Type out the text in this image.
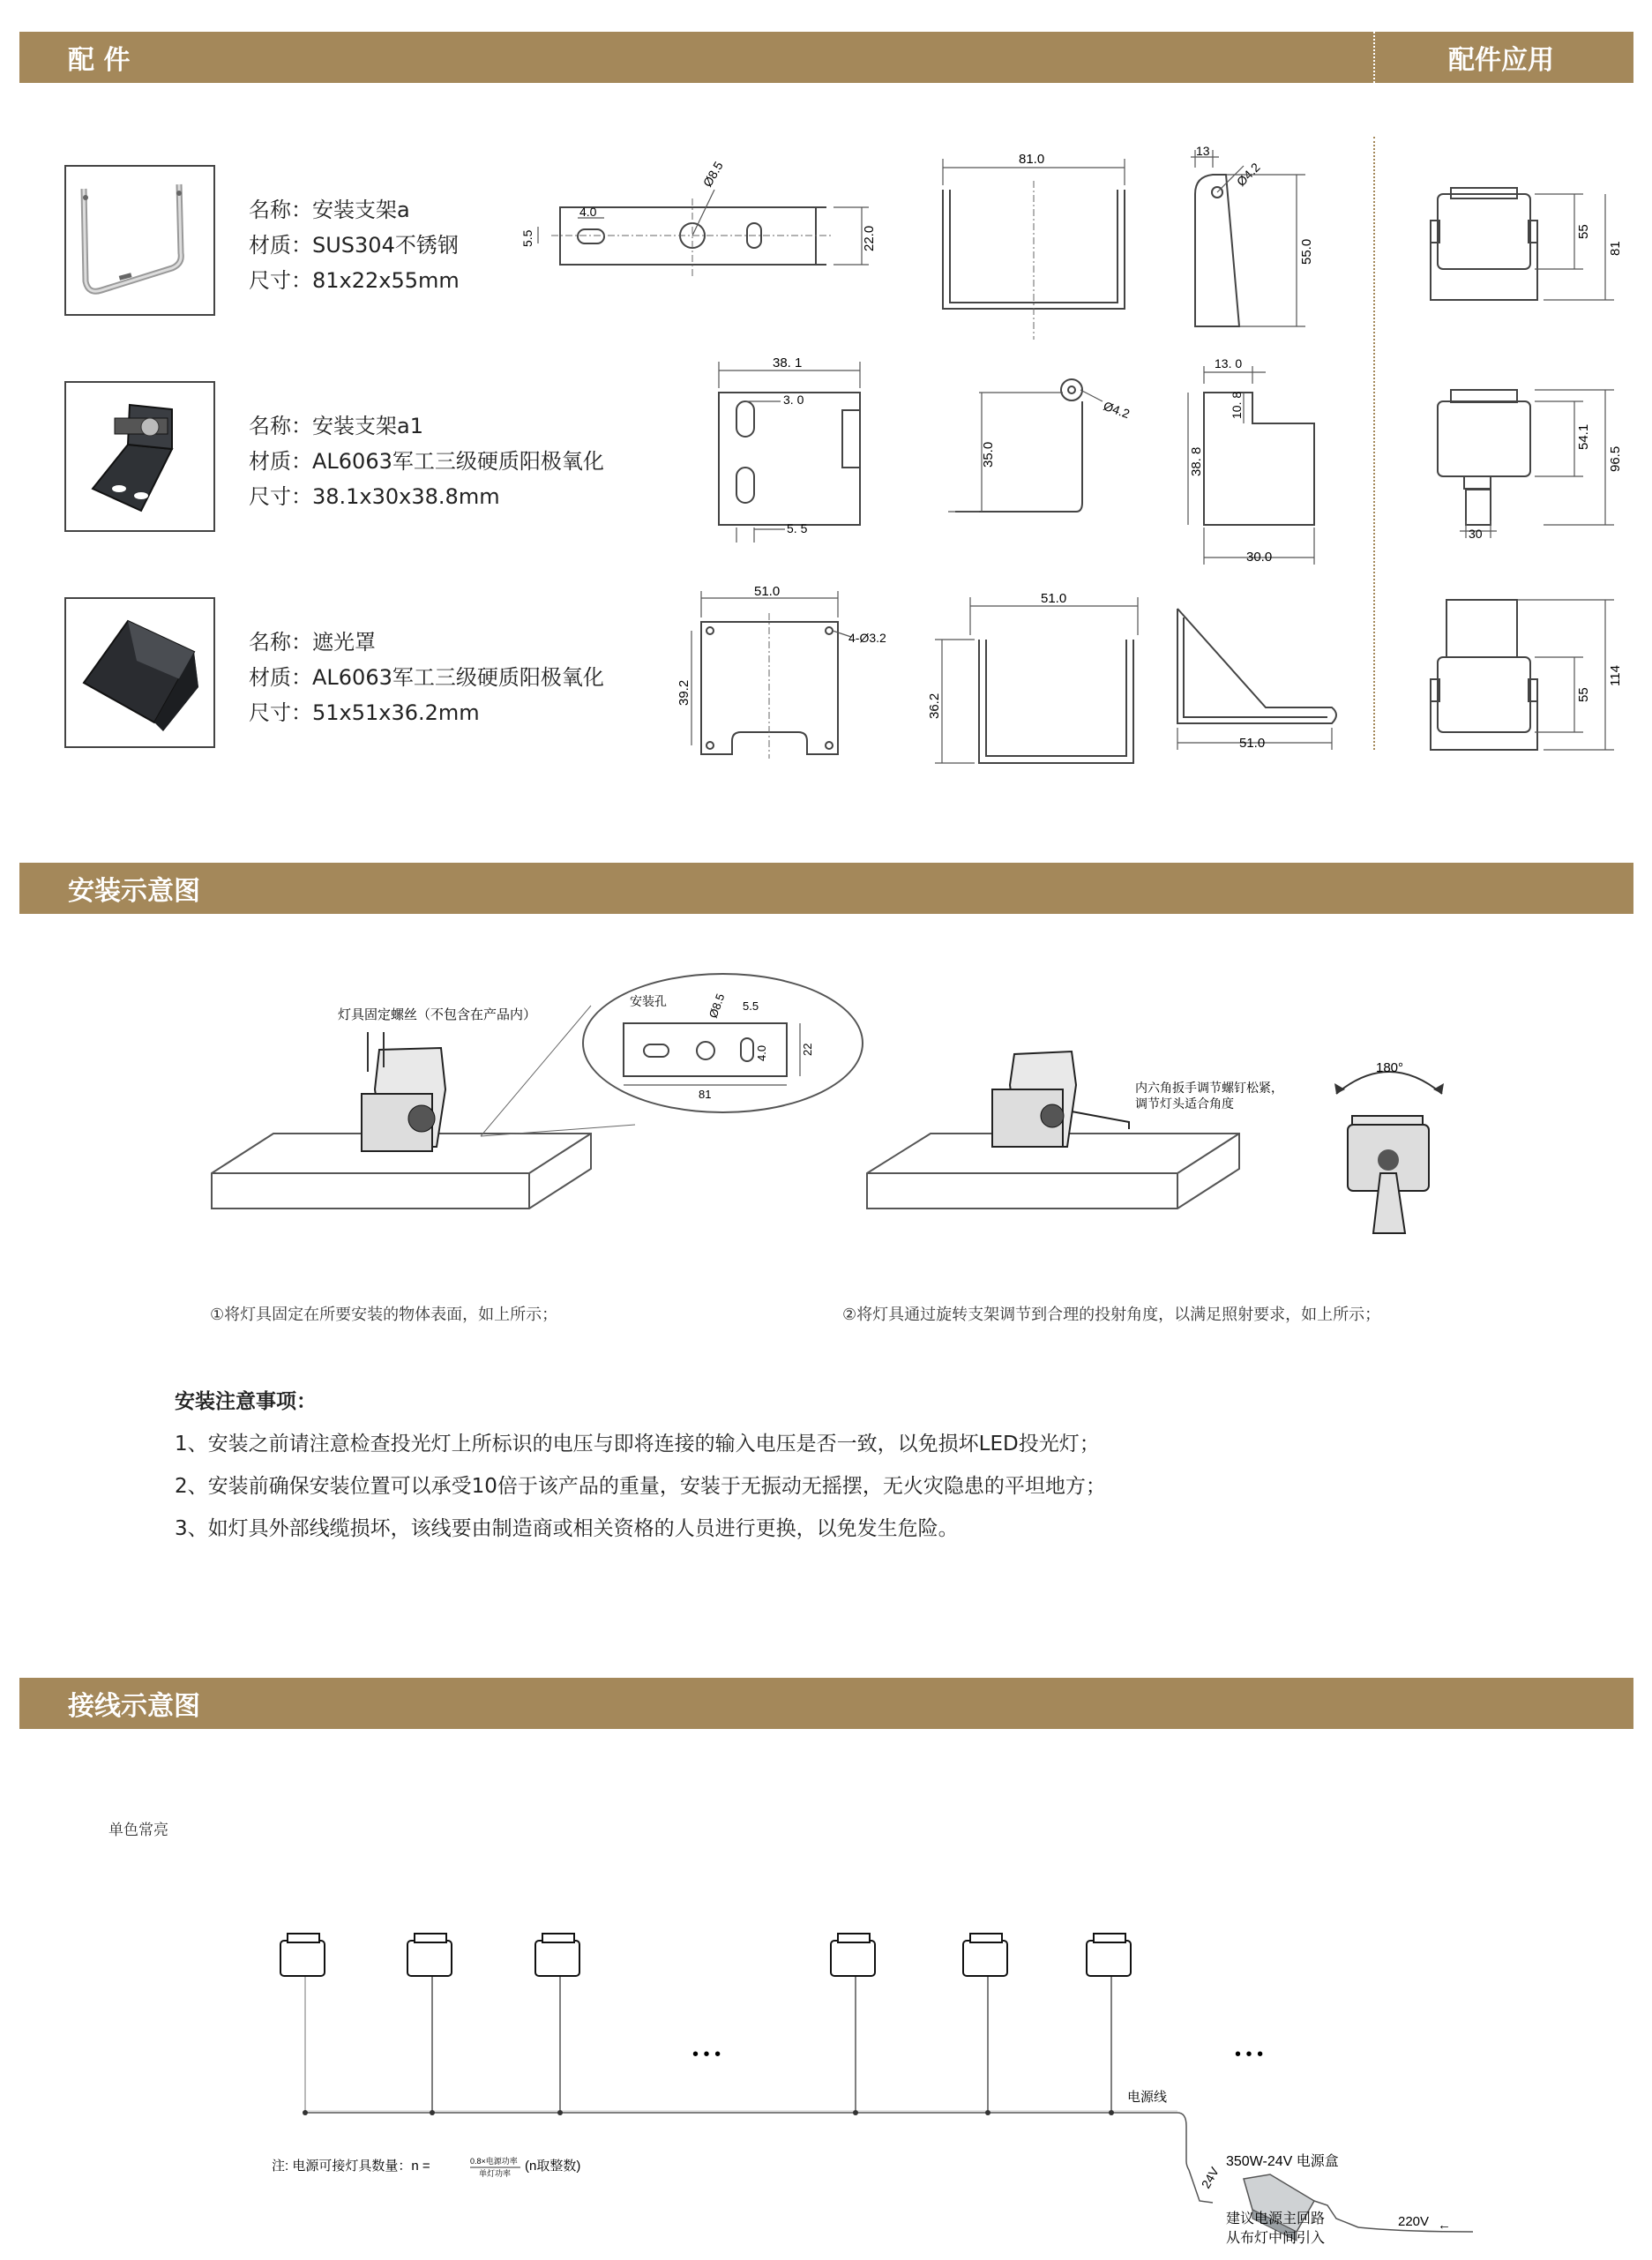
配 件	配件应用
名称：安装支架a
材质：SUS304不锈钢
尺寸：81x22x55mm
22.0
5.5
4.0
Ø8.5	81.0
13
Ø4.2
55.0
55
81
名称：安装支架a1
材质：AL6063军工三级硬质阳极氧化
尺寸：38.1x30x38.8mm
38. 1
3. 0
5. 5
Ø4.2
35.0
13. 0
10. 8
38. 8
30.0
54.1
96.5
30
名称：遮光罩
材质：AL6063军工三级硬质阳极氧化
尺寸：51x51x36.2mm
51.0
4-Ø3.2
39.2
51.0
36.2
51.0
55
114
安装示意图
灯具固定螺丝（不包含在产品内）
安装孔	Ø8.5 5.5
4.0	22
81	内六角扳手调节螺钉松紧，
调节灯头适合角度
180°
①将灯具固定在所要安装的物体表面，如上所示；	②将灯具通过旋转支架调节到合理的投射角度，以满足照射要求，如上所示；
安装注意事项：
1、安装之前请注意检查投光灯上所标识的电压与即将连接的输入电压是否一致，以免损坏LED投光灯；
2、安装前确保安装位置可以承受10倍于该产品的重量，安装于无振动无摇摆，无火灾隐患的平坦地方；
3、如灯具外部线缆损坏，该线要由制造商或相关资格的人员进行更换，以免发生危险。
接线示意图
单色常亮
• • •	• • •
电源线
注: 电源可接灯具数量：n =	0.8×电源功率
单灯功率 (n取整数)	350W-24V 电源盒
24V
220V ←
建议电源主回路
从布灯中间引入
